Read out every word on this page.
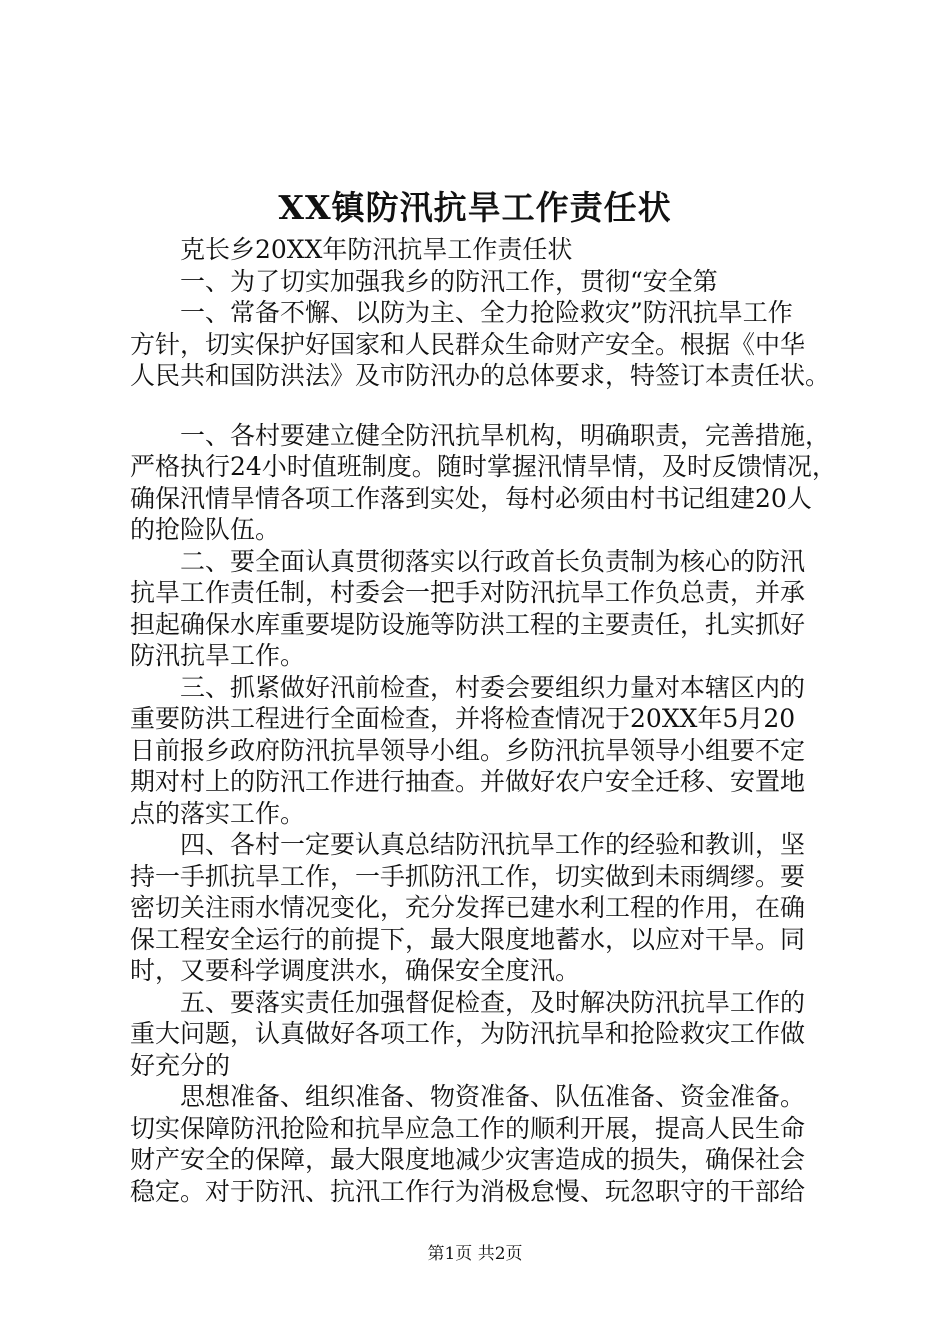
XX镇防汛抗旱工作责任状
克长乡20XX年防汛抗旱工作责任状
一、为了切实加强我乡的防汛工作，贯彻“安全第
一、常备不懈、以防为主、全力抢险救灾”防汛抗旱工作
方针，切实保护好国家和人民群众生命财产安全。根据《中华
人民共和国防洪法》及市防汛办的总体要求，特签订本责任状。
一、各村要建立健全防汛抗旱机构，明确职责，完善措施，
严格执行24小时值班制度。随时掌握汛情旱情，及时反馈情况，
确保汛情旱情各项工作落到实处，每村必须由村书记组建20人
的抢险队伍。
二、要全面认真贯彻落实以行政首长负责制为核心的防汛
抗旱工作责任制，村委会一把手对防汛抗旱工作负总责，并承
担起确保水库重要堤防设施等防洪工程的主要责任，扎实抓好
防汛抗旱工作。
三、抓紧做好汛前检查，村委会要组织力量对本辖区内的
重要防洪工程进行全面检查，并将检查情况于20XX年5月20
日前报乡政府防汛抗旱领导小组。乡防汛抗旱领导小组要不定
期对村上的防汛工作进行抽查。并做好农户安全迁移、安置地
点的落实工作。
四、各村一定要认真总结防汛抗旱工作的经验和教训，坚
持一手抓抗旱工作，一手抓防汛工作，切实做到未雨绸缪。要
密切关注雨水情况变化，充分发挥已建水利工程的作用，在确
保工程安全运行的前提下，最大限度地蓄水，以应对干旱。同
时，又要科学调度洪水，确保安全度汛。
五、要落实责任加强督促检查，及时解决防汛抗旱工作的
重大问题，认真做好各项工作，为防汛抗旱和抢险救灾工作做
好充分的
思想准备、组织准备、物资准备、队伍准备、资金准备。
切实保障防汛抢险和抗旱应急工作的顺利开展，提高人民生命
财产安全的保障，最大限度地减少灾害造成的损失，确保社会
稳定。对于防汛、抗汛工作行为消极怠慢、玩忽职守的干部给
第1页 共2页
